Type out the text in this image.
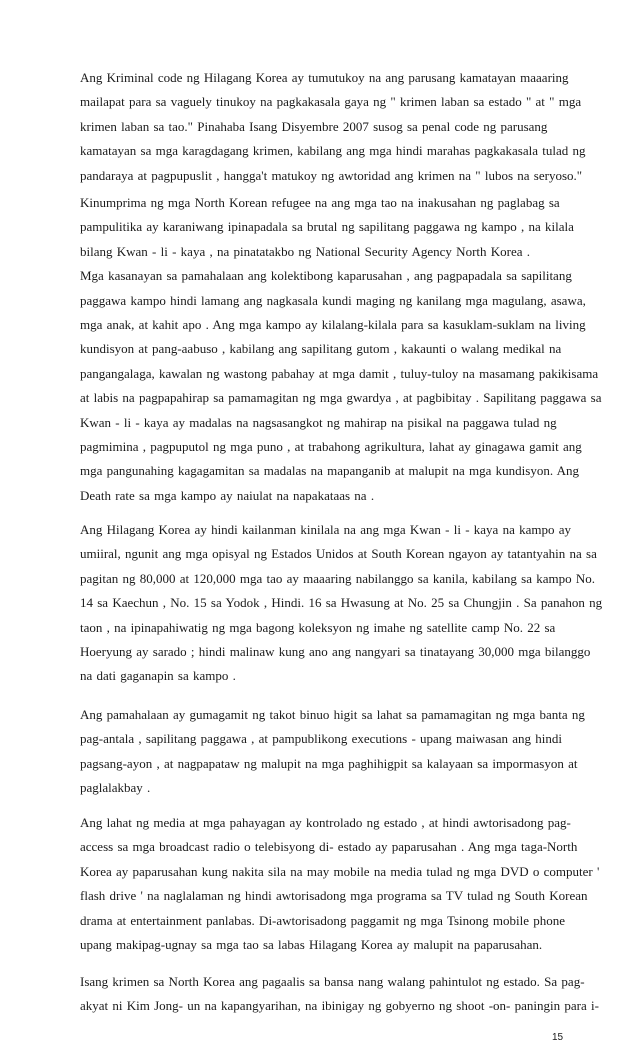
Ang Kriminal code ng Hilagang Korea ay tumutukoy na ang parusang kamatayan maaaring
mailapat para sa vaguely tinukoy na pagkakasala gaya ng " krimen laban sa estado " at " mga
krimen laban sa tao." Pinahaba Isang Disyembre 2007 susog sa penal code ng parusang
kamatayan sa mga karagdagang krimen, kabilang ang mga hindi marahas pagkakasala tulad ng
pandaraya at pagpupuslit , hangga't matukoy ng awtoridad ang krimen na " lubos na seryoso."
Kinumprima ng mga North Korean refugee na ang mga tao na inakusahan ng paglabag sa
pampulitika ay karaniwang ipinapadala sa brutal ng sapilitang paggawa ng kampo , na kilala
bilang Kwan - li - kaya , na pinatatakbo ng National Security Agency North Korea .
Mga kasanayan sa pamahalaan ang kolektibong kaparusahan , ang pagpapadala sa sapilitang
paggawa kampo hindi lamang ang nagkasala kundi maging ng kanilang mga magulang, asawa,
mga anak, at kahit apo . Ang mga kampo ay kilalang-kilala para sa kasuklam-suklam na living
kundisyon at pang-aabuso , kabilang ang sapilitang gutom , kakaunti o walang medikal na
pangangalaga, kawalan ng wastong pabahay at mga damit , tuluy-tuloy na masamang pakikisama
at labis na pagpapahirap sa pamamagitan ng mga gwardya , at pagbibitay . Sapilitang paggawa sa
Kwan - li - kaya ay madalas na nagsasangkot ng mahirap na pisikal na paggawa tulad ng
pagmimina , pagpuputol ng mga puno , at trabahong agrikultura, lahat ay ginagawa gamit ang
mga pangunahing kagagamitan sa madalas na mapanganib at malupit na mga kundisyon. Ang
Death rate sa mga kampo ay naiulat na napakataas na .
Ang Hilagang Korea ay hindi kailanman kinilala na ang mga Kwan - li - kaya na kampo ay
umiiral, ngunit ang mga opisyal ng Estados Unidos at South Korean ngayon ay tatantyahin na sa
pagitan ng 80,000 at 120,000 mga tao ay maaaring nabilanggo sa kanila, kabilang sa kampo No.
14 sa Kaechun , No. 15 sa Yodok , Hindi. 16 sa Hwasung at No. 25 sa Chungjin . Sa panahon ng
taon , na ipinapahiwatig ng mga bagong koleksyon ng imahe ng satellite camp No. 22 sa
Hoeryung ay sarado ; hindi malinaw kung ano ang nangyari sa tinatayang 30,000 mga bilanggo
na dati gaganapin sa kampo .
Ang pamahalaan ay gumagamit ng takot binuo higit sa lahat sa pamamagitan ng mga banta ng
pag-antala , sapilitang paggawa , at pampublikong executions - upang maiwasan ang hindi
pagsang-ayon , at nagpapataw ng malupit na mga paghihigpit sa kalayaan sa impormasyon at
paglalakbay .
Ang lahat ng media at mga pahayagan ay kontrolado ng estado , at hindi awtorisadong pag-
access sa mga broadcast radio o telebisyong di- estado ay paparusahan . Ang mga taga-North
Korea ay paparusahan kung nakita sila na may mobile na media tulad ng mga DVD o computer '
flash drive ' na naglalaman ng hindi awtorisadong mga programa sa TV tulad ng South Korean
drama at entertainment panlabas. Di-awtorisadong paggamit ng mga Tsinong mobile phone
upang makipag-ugnay sa mga tao sa labas Hilagang Korea ay malupit na paparusahan.
Isang krimen sa North Korea ang pagaalis sa bansa nang walang pahintulot ng estado. Sa pag-
akyat ni Kim Jong- un na kapangyarihan, na ibinigay ng gobyerno ng shoot -on- paningin para i-
15
